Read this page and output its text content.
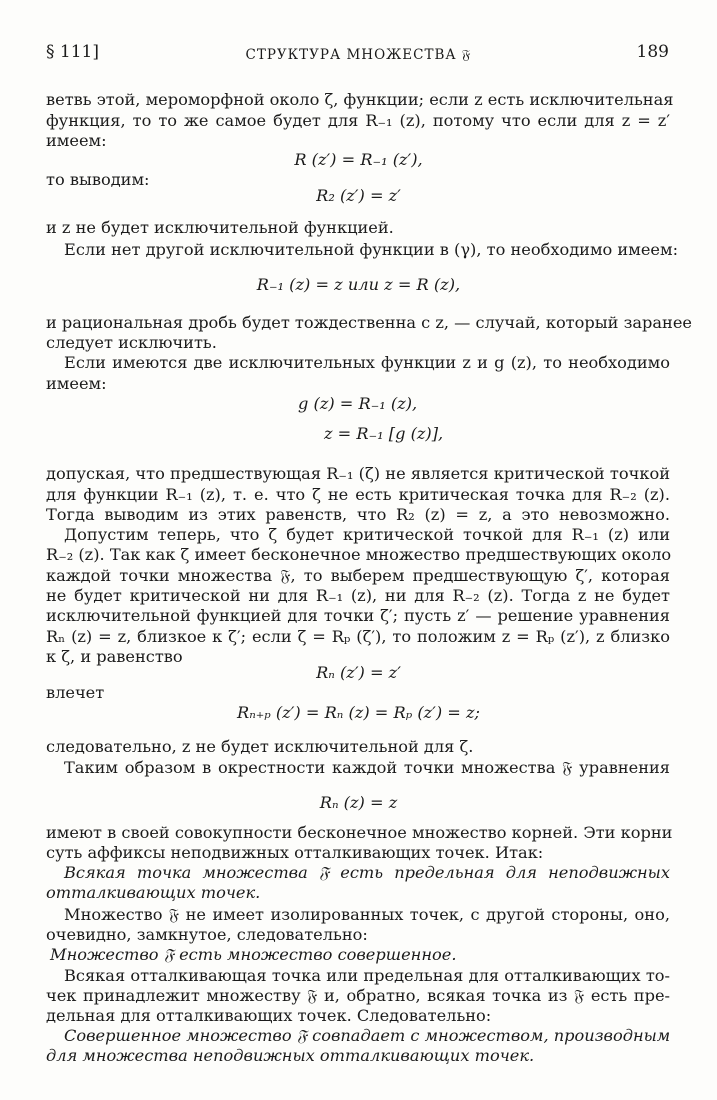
§ 111]	СТРУКТУРА МНОЖЕСТВА 𝔉	189
ветвь этой, мероморфной около ζ, функции; если z есть исключительная
функция, то то же самое будет для R₋₁ (z), потому что если для z = z′
имеем:
R (z′) = R₋₁ (z′),
то выводим:
R₂ (z′) = z′
и z не будет исключительной функцией.
Если нет другой исключительной функции в (γ), то необходимо имеем:
R₋₁ (z) = z или z = R (z),
и рациональная дробь будет тождественна с z, — случай, который заранее
следует исключить.
Если имеются две исключительных функции z и g (z), то необходимо
имеем:
g (z) = R₋₁ (z),
z = R₋₁ [g (z)],
допуская, что предшествующая R₋₁ (ζ) не является критической точкой
для функции R₋₁ (z), т. е. что ζ не есть критическая точка для R₋₂ (z).
Тогда выводим из этих равенств, что R₂ (z) = z, а это невозможно.
Допустим теперь, что ζ будет критической точкой для R₋₁ (z) или
R₋₂ (z). Так как ζ имеет бесконечное множество предшествующих около
каждой точки множества 𝔉, то выберем предшествующую ζ′, которая
не будет критической ни для R₋₁ (z), ни для R₋₂ (z). Тогда z не будет
исключительной функцией для точки ζ′; пусть z′ — решение уравнения
Rₙ (z) = z, близкое к ζ′; если ζ = Rₚ (ζ′), то положим z = Rₚ (z′), z близко
к ζ, и равенство
Rₙ (z′) = z′
влечет
Rₙ₊ₚ (z′) = Rₙ (z) = Rₚ (z′) = z;
следовательно, z не будет исключительной для ζ.
Таким образом в окрестности каждой точки множества 𝔉 уравнения
Rₙ (z) = z
имеют в своей совокупности бесконечное множество корней. Эти корни
суть аффиксы неподвижных отталкивающих точек. Итак:
Всякая точка множества 𝔉 есть предельная для неподвижных
отталкивающих точек.
Множество 𝔉 не имеет изолированных точек, с другой стороны, оно,
очевидно, замкнутое, следовательно:
Множество 𝔉 есть множество совершенное.
Всякая отталкивающая точка или предельная для отталкивающих то-
чек принадлежит множеству 𝔉 и, обратно, всякая точка из 𝔉 есть пре-
дельная для отталкивающих точек. Следовательно:
Совершенное множество 𝔉 совпадает с множеством, производным
для множества неподвижных отталкивающих точек.
